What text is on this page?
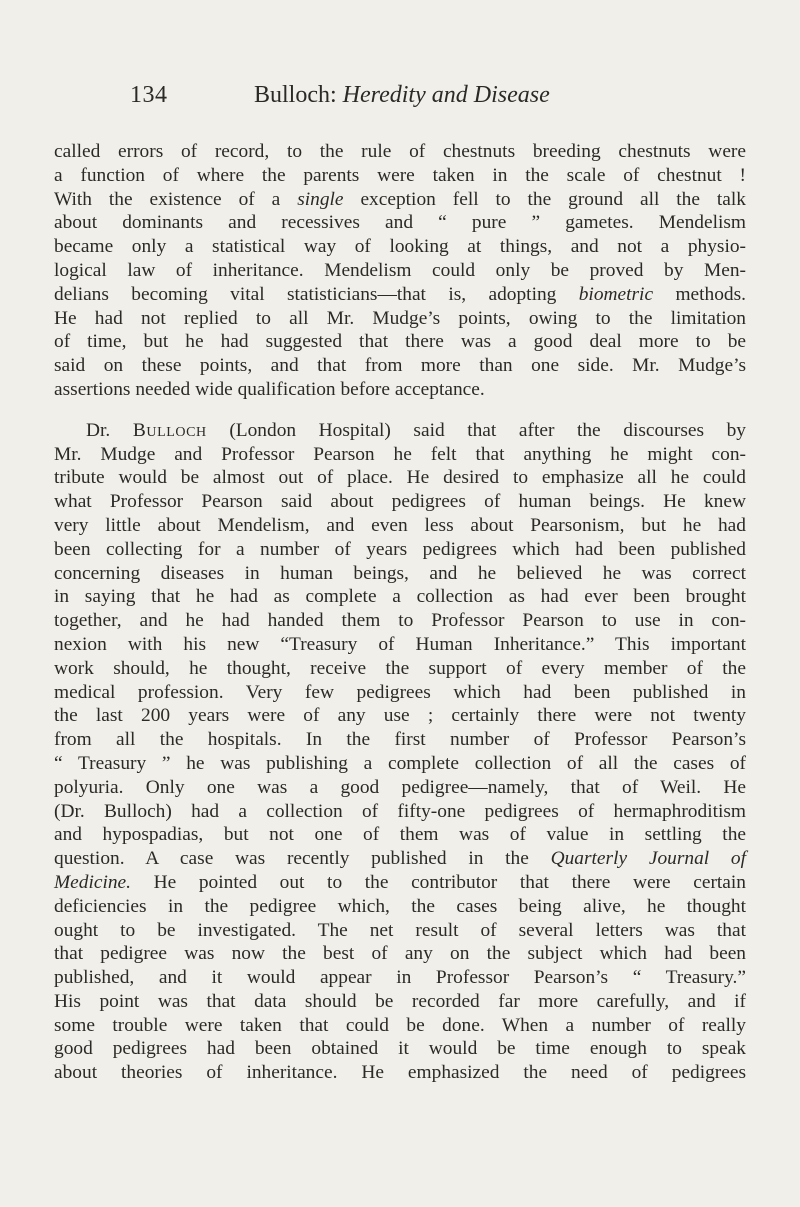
134	Bulloch: Heredity and Disease
called errors of record, to the rule of chestnuts breeding chestnuts were
a function of where the parents were taken in the scale of chestnut !
With the existence of a single exception fell to the ground all the talk
about dominants and recessives and “ pure ” gametes. Mendelism
became only a statistical way of looking at things, and not a physio-
logical law of inheritance. Mendelism could only be proved by Men-
delians becoming vital statisticians—that is, adopting biometric methods.
He had not replied to all Mr. Mudge’s points, owing to the limitation
of time, but he had suggested that there was a good deal more to be
said on these points, and that from more than one side. Mr. Mudge’s
assertions needed wide qualification before acceptance.
Dr. Bulloch (London Hospital) said that after the discourses by
Mr. Mudge and Professor Pearson he felt that anything he might con-
tribute would be almost out of place. He desired to emphasize all he could
what Professor Pearson said about pedigrees of human beings. He knew
very little about Mendelism, and even less about Pearsonism, but he had
been collecting for a number of years pedigrees which had been published
concerning diseases in human beings, and he believed he was correct
in saying that he had as complete a collection as had ever been brought
together, and he had handed them to Professor Pearson to use in con-
nexion with his new “Treasury of Human Inheritance.” This important
work should, he thought, receive the support of every member of the
medical profession. Very few pedigrees which had been published in
the last 200 years were of any use ; certainly there were not twenty
from all the hospitals. In the first number of Professor Pearson’s
“ Treasury ” he was publishing a complete collection of all the cases of
polyuria. Only one was a good pedigree—namely, that of Weil. He
(Dr. Bulloch) had a collection of fifty-one pedigrees of hermaphroditism
and hypospadias, but not one of them was of value in settling the
question. A case was recently published in the Quarterly Journal of
Medicine. He pointed out to the contributor that there were certain
deficiencies in the pedigree which, the cases being alive, he thought
ought to be investigated. The net result of several letters was that
that pedigree was now the best of any on the subject which had been
published, and it would appear in Professor Pearson’s “ Treasury.”
His point was that data should be recorded far more carefully, and if
some trouble were taken that could be done. When a number of really
good pedigrees had been obtained it would be time enough to speak
about theories of inheritance. He emphasized the need of pedigrees
